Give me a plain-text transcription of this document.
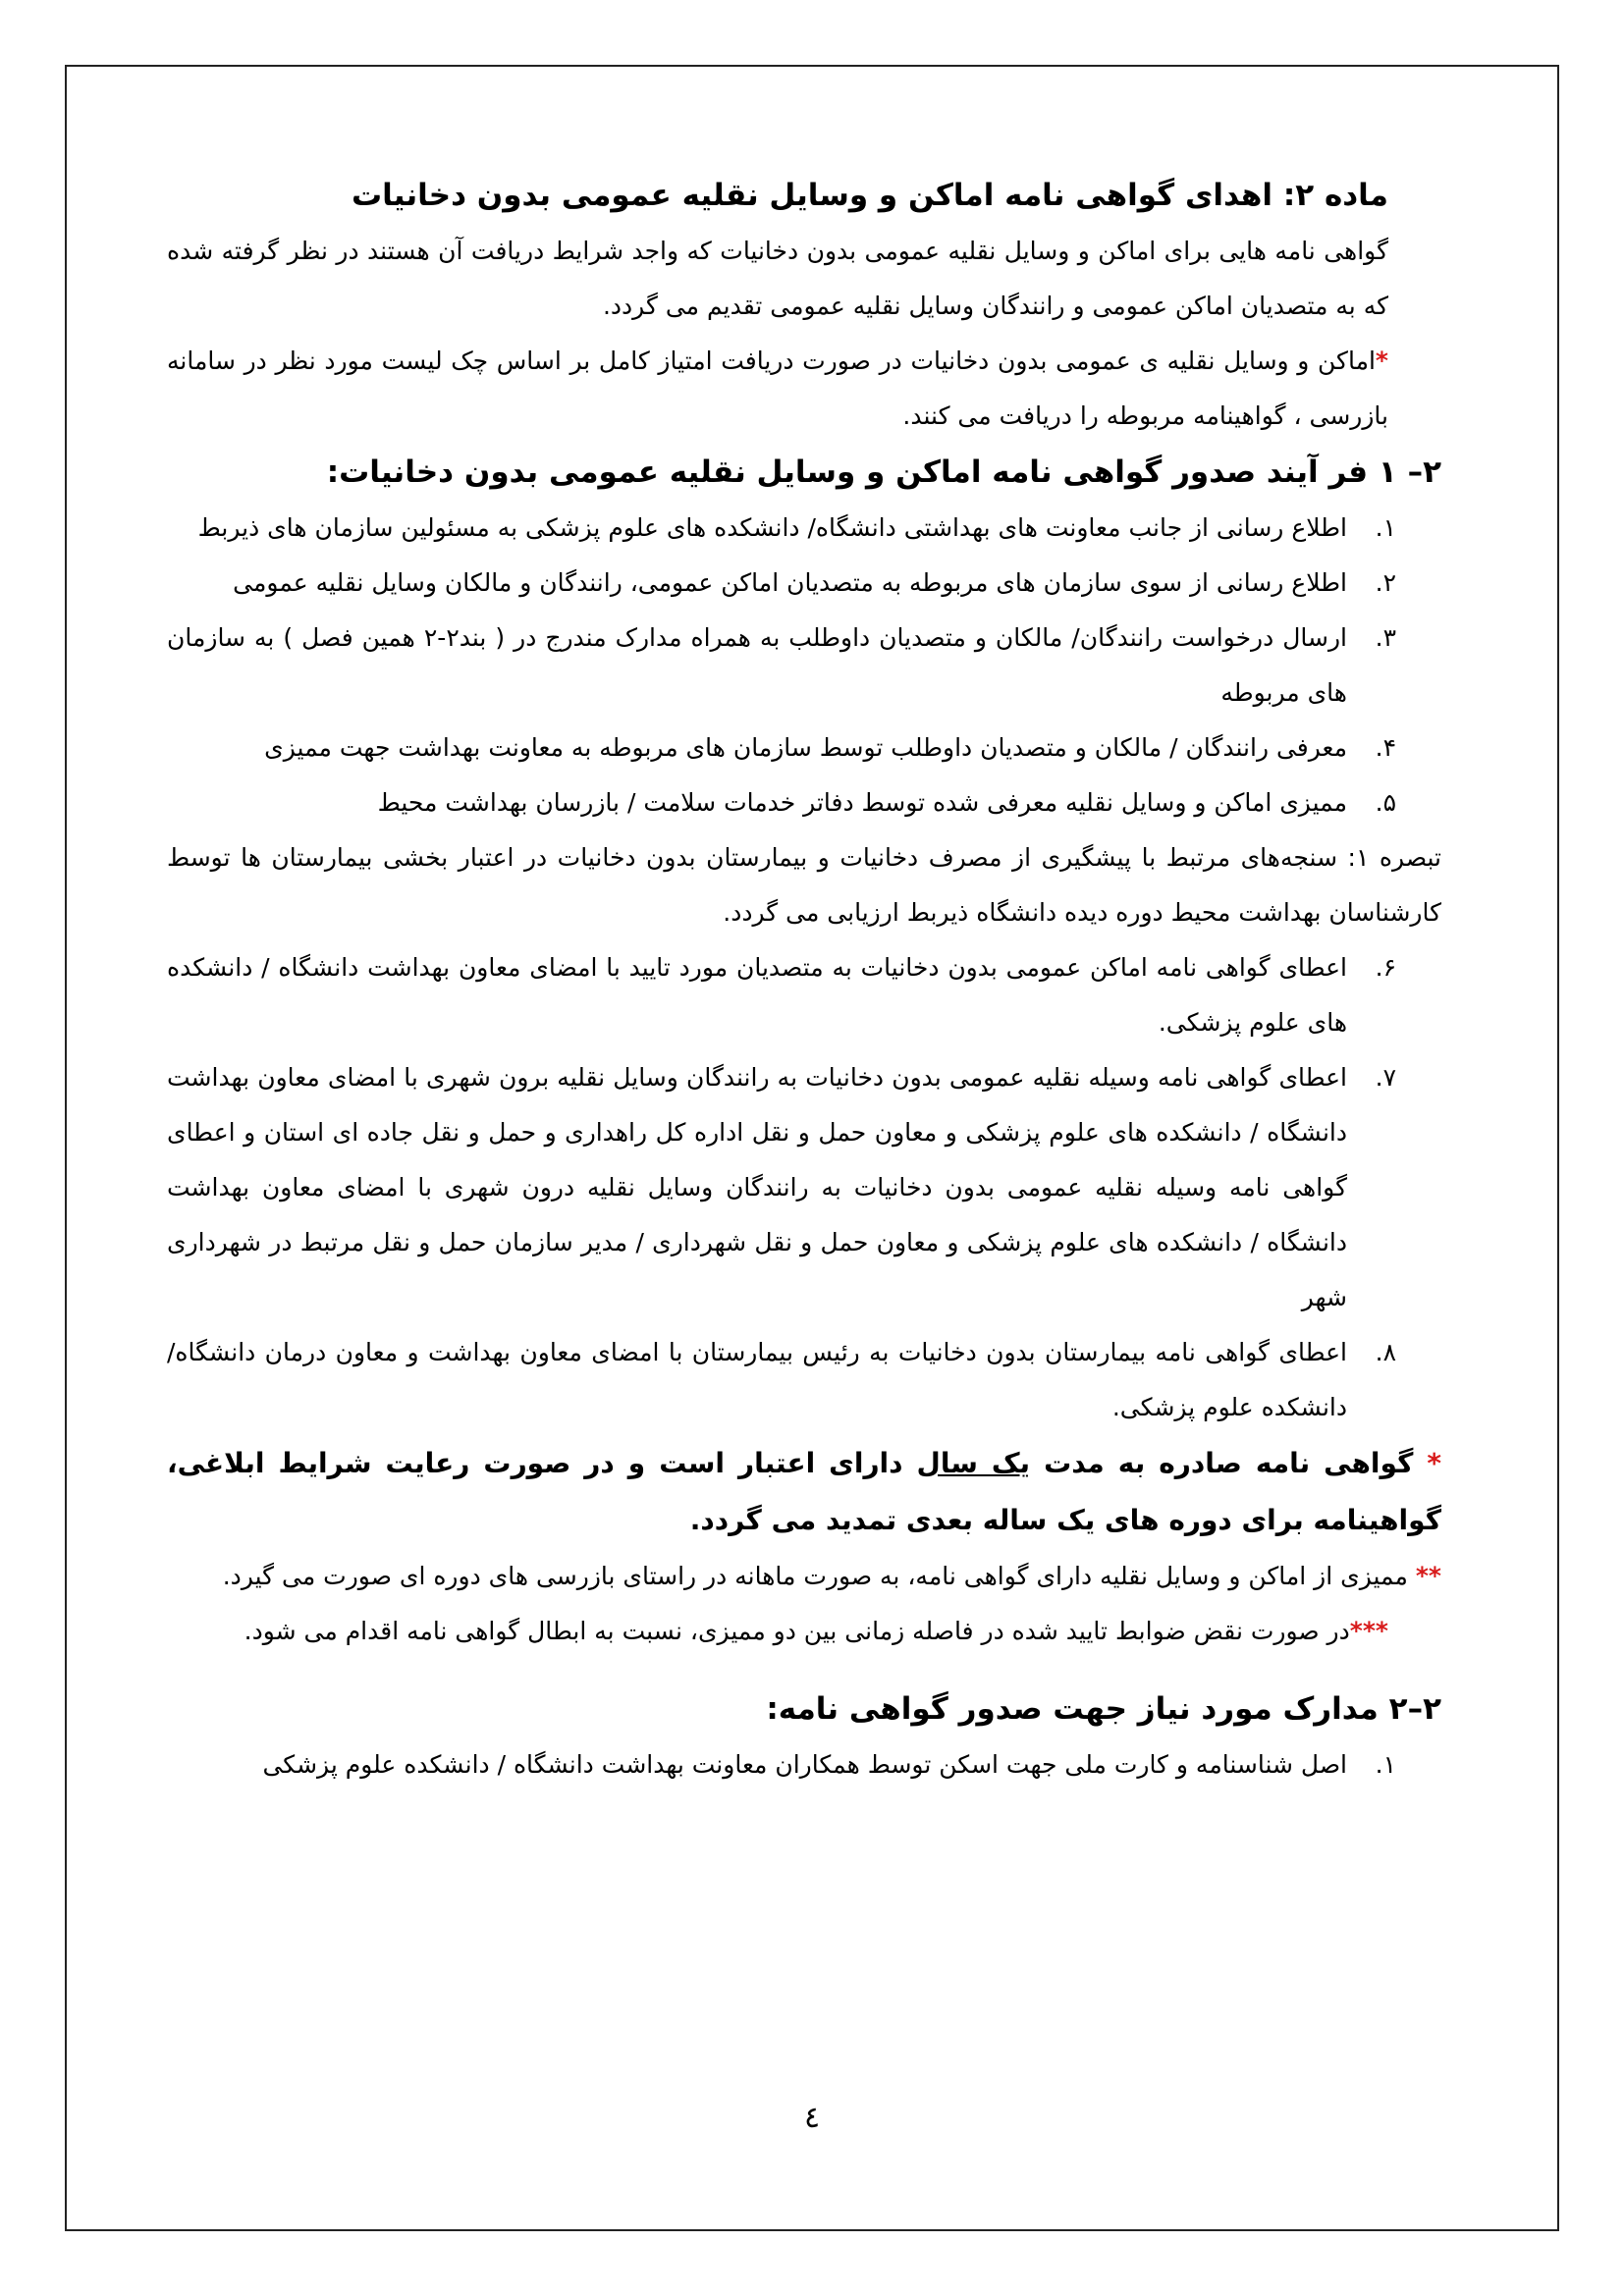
ماده ۲: اهدای گواهی نامه اماکن و وسایل نقلیه عمومی بدون دخانیات

گواهی نامه هایی برای اماکن و وسایل نقلیه عمومی بدون دخانیات که واجد شرایط دریافت آن هستند در نظر گرفته شده که به متصدیان اماکن عمومی و رانندگان وسایل نقلیه عمومی تقدیم می گردد.

*اماکن و وسایل نقلیه ی عمومی بدون دخانیات در صورت دریافت امتیاز کامل بر اساس چک لیست مورد نظر در سامانه بازرسی ، گواهینامه مربوطه را دریافت می کنند.

۲– ۱ فر آیند صدور گواهی نامه اماکن و وسایل نقلیه عمومی بدون دخانیات:
۱.
اطلاع رسانی از جانب معاونت های بهداشتی دانشگاه/ دانشکده های علوم پزشکی به مسئولین سازمان های ذیربط
۲.
اطلاع رسانی از سوی سازمان های مربوطه به متصدیان اماکن عمومی، رانندگان و مالکان وسایل نقلیه عمومی
۳.
ارسال درخواست رانندگان/ مالکان و متصدیان داوطلب به همراه مدارک مندرج در ( بند۲-۲ همین فصل ) به سازمان های مربوطه
۴.
معرفی رانندگان / مالکان و متصدیان داوطلب توسط سازمان های مربوطه به معاونت بهداشت جهت ممیزی
۵.
ممیزی اماکن و وسایل نقلیه معرفی شده توسط دفاتر خدمات سلامت / بازرسان بهداشت محیط

تبصره ۱: سنجه‌های مرتبط با پیشگیری از مصرف دخانیات و بیمارستان بدون دخانیات در اعتبار بخشی بیمارستان ها توسط کارشناسان بهداشت محیط دوره دیده دانشگاه ذیربط ارزیابی می گردد.

۶.
اعطای گواهی نامه اماکن عمومی بدون دخانیات به متصدیان مورد تایید با امضای معاون بهداشت دانشگاه / دانشکده های علوم پزشکی.
۷.
اعطای گواهی نامه وسیله نقلیه عمومی بدون دخانیات به رانندگان وسایل نقلیه برون شهری با امضای معاون بهداشت دانشگاه / دانشکده های علوم پزشکی و معاون حمل و نقل اداره کل راهداری و حمل و نقل جاده ای استان و اعطای گواهی نامه وسیله نقلیه عمومی بدون دخانیات به رانندگان وسایل نقلیه درون شهری با امضای معاون بهداشت دانشگاه / دانشکده های علوم پزشکی و معاون حمل و نقل شهرداری / مدیر سازمان حمل و نقل مرتبط در شهرداری شهر
۸.
اعطای گواهی نامه بیمارستان بدون دخانیات به رئیس بیمارستان با امضای معاون بهداشت و معاون درمان دانشگاه/ دانشکده علوم پزشکی.

* گواهی نامه صادره به مدت یک سال دارای اعتبار است و در صورت رعایت شرایط ابلاغی، گواهینامه برای دوره های یک ساله بعدی تمدید می گردد.

** ممیزی از اماکن و وسایل نقلیه دارای گواهی نامه، به صورت ماهانه در راستای بازرسی های دوره ای صورت می گیرد.

***در صورت نقض ضوابط تایید شده در فاصله زمانی بین دو ممیزی، نسبت به ابطال گواهی نامه اقدام می شود.

۲–۲ مدارک مورد نیاز جهت صدور گواهی نامه:
۱.
اصل شناسنامه و کارت ملی جهت اسکن توسط همکاران معاونت بهداشت دانشگاه / دانشکده علوم پزشکی
٤
